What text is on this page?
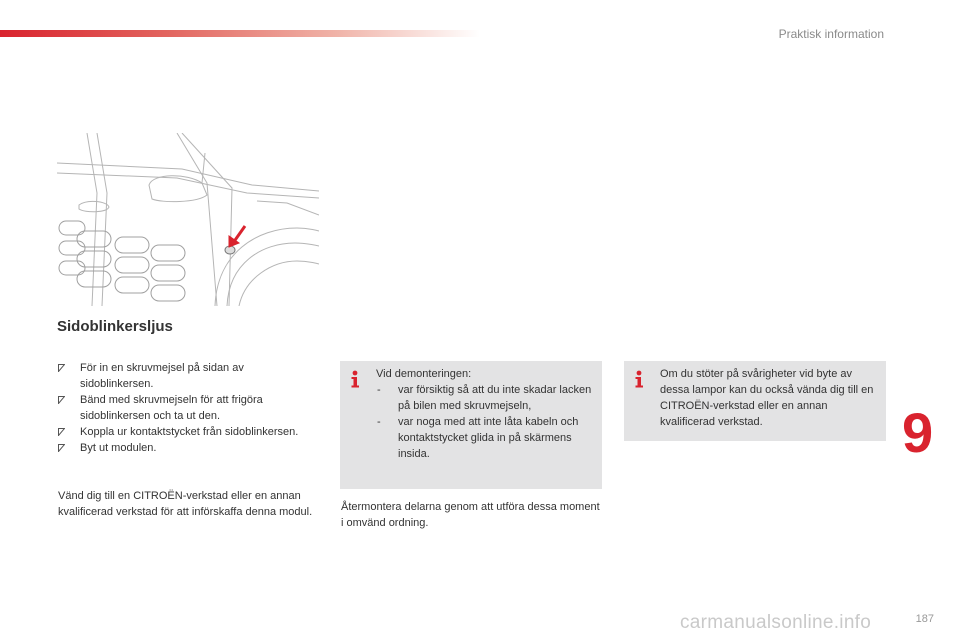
Praktisk information
Sidoblinkersljus
För in en skruvmejsel på sidan av sidoblinkersen.
Bänd med skruvmejseln för att frigöra sidoblinkersen och ta ut den.
Koppla ur kontaktstycket från sidoblinkersen.
Byt ut modulen.
Vänd dig till en CITROËN-verkstad eller en annan kvalificerad verkstad för att införskaffa denna modul.
Vid demonteringen:
- var försiktig så att du inte skadar lacken på bilen med skruvmejseln,
- var noga med att inte låta kabeln och kontaktstycket glida in på skärmens insida.
Återmontera delarna genom att utföra dessa moment i omvänd ordning.
Om du stöter på svårigheter vid byte av dessa lampor kan du också vända dig till en CITROËN-verkstad eller en annan kvalificerad verkstad.	9
187
carmanualsonline.info
